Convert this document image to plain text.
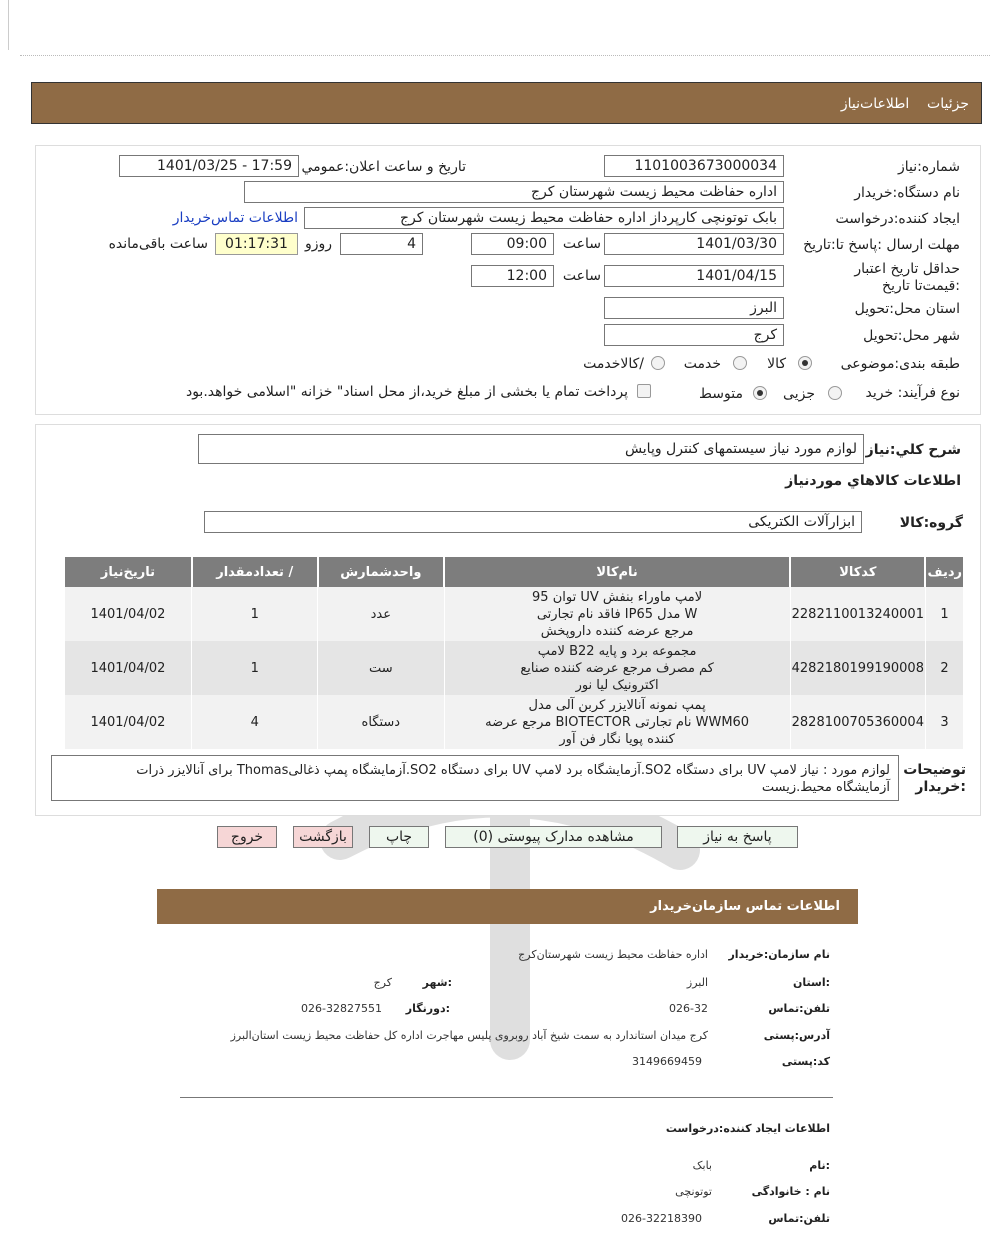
جزئیات    اطلاعات‌نیاز
شماره:نیاز
1101003673000034
تاریخ و ساعت اعلان:عمومي
1401/03/25 - 17:59
نام دستگاه:خریدار
اداره حفاظت محیط زیست شهرستان کرج
ایجاد کننده:درخواست
بابک توتونچی کارپرداز اداره حفاظت محیط زیست شهرستان کرج
اطلاعات تماس‌خریدار
مهلت ارسال :پاسخ تا:تاریخ
1401/03/30
ساعت
09:00
4
روزو
01:17:31
ساعت باقی‌مانده
حداقل تاریخ اعتبار :قیمت‌تا تاریخ
1401/04/15
ساعت
12:00
استان محل:تحویل
البرز
شهر محل:تحویل
کرج
طبقه بندی:موضوعی
کالا
خدمت
/کالاخدمت
نوع فرآیند: خرید
جزیی
متوسط
پرداخت تمام یا بخشی از مبلغ خرید،از محل اسناد" خزانه "اسلامی خواهد.بود
شرح کلي:نياز
لوازم مورد نیاز سیستمهای کنترل وپایش
اطلاعات کالاهاي موردنياز
گروه:کالا
ابزارآلات الکتریکی
رديف	کدکالا	نام‌کالا	واحدشمارش	/ تعدادمقدار	تاریخ‌نیاز
1	2282110013240001	لامپ ماوراء بنفش UV توان 95
W مدل IP65 فاقد نام تجارتی
مرجع عرضه کننده داروپخش	عدد	1	1401/04/02
2	4282180199190008	مجموعه برد و پایه B22 لامپ
کم مصرف مرجع عرضه کننده صنایع
اکترونیک لیا نور	ست	1	1401/04/02
3	2828100705360004	پمپ نمونه آنالایزر کربن آلی مدل
WWM60 نام تجارتی BIOTECTOR مرجع عرضه
کننده پویا نگار فن آور	دستگاه	4	1401/04/02
توضیحات
:خریدار
لوازم مورد : نیاز لامپ UV برای دستگاه SO2.آزمایشگاه برد لامپ UV برای دستگاه SO2.آزمایشگاه پمپ ذغالیThomas برای آنالایزر ذرات
آزمایشگاه محیط.زیست
پاسخ به نیاز
مشاهده مدارک پیوستی (0)
چاپ
بازگشت
خروج
اطلاعات تماس سازمان‌خریدار
نام سازمان:خریدار
اداره حفاظت محیط زیست شهرستان‌کرج
:استان
البرز
:شهر
کرج
تلفن:تماس
026-32
:دورنگار
026-32827551
آدرس:پستی
کرج میدان استاندارد به سمت شیخ آباد روبروی پلیس مهاجرت اداره کل حفاظت محیط زیست استان‌البرز
کد:پستی
3149669459
اطلاعات ایجاد کننده:درخواست
:نام
بابک
نام : خانوادگی
توتونچی
تلفن:تماس
026-32218390
